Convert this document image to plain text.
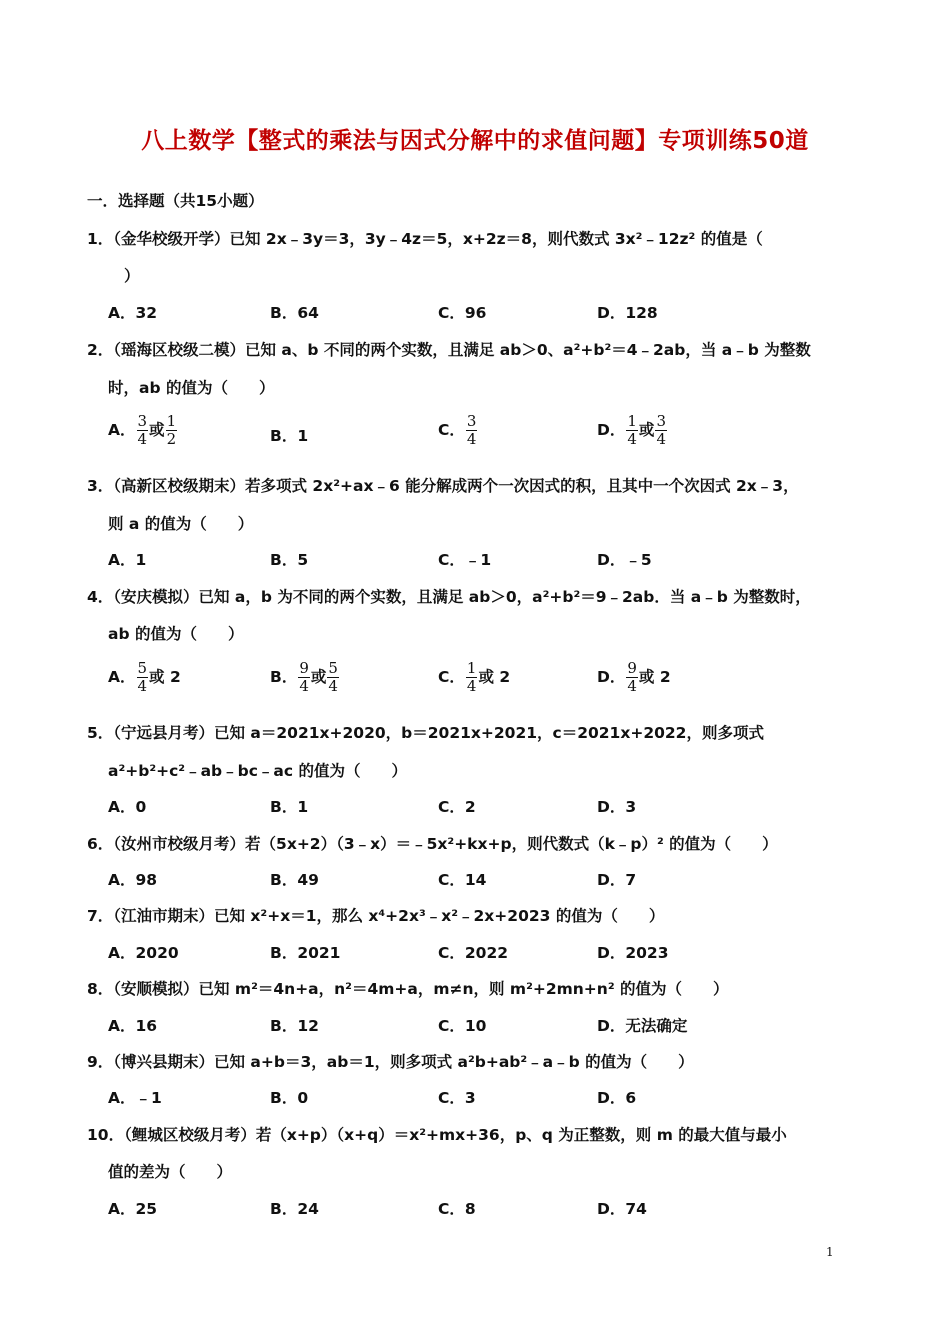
八上数学【整式的乘法与因式分解中的求值问题】专项训练50道
一．选择题（共15小题）
1．（金华校级开学）已知 2x﹣3y＝3，3y﹣4z＝5，x+2z＝8，则代数式 3x²﹣12z² 的值是（
）
A．32	B．64	C．96	D．128
2．（瑶海区校级二模）已知 a、b 不同的两个实数，且满足 ab＞0、a²+b²＝4﹣2ab，当 a﹣b 为整数
时，ab 的值为（　　）
A． $\frac{3}{4}$ 或 $\frac{1}{2}$	B．1	C． $\frac{3}{4}$	D． $\frac{1}{4}$ 或 $\frac{3}{4}$
3．（高新区校级期末）若多项式 2x²+ax﹣6 能分解成两个一次因式的积，且其中一个次因式 2x﹣3，
则 a 的值为（　　）
A．1	B．5	C．﹣1	D．﹣5
4．（安庆模拟）已知 a，b 为不同的两个实数，且满足 ab＞0，a²+b²＝9﹣2ab．当 a﹣b 为整数时，
ab 的值为（　　）
A． $\frac{5}{4}$ 或 2	B． $\frac{9}{4}$ 或 $\frac{5}{4}$	C． $\frac{1}{4}$ 或 2	D． $\frac{9}{4}$ 或 2
5．（宁远县月考）已知 a＝2021x+2020，b＝2021x+2021，c＝2021x+2022，则多项式
a²+b²+c²﹣ab﹣bc﹣ac 的值为（　　）
A．0	B．1	C．2	D．3
6．（汝州市校级月考）若（5x+2）（3﹣x）＝﹣5x²+kx+p，则代数式（k﹣p）² 的值为（　　）
A．98	B．49	C．14	D．7
7．（江油市期末）已知 x²+x＝1，那么 x⁴+2x³﹣x²﹣2x+2023 的值为（　　）
A．2020	B．2021	C．2022	D．2023
8．（安顺模拟）已知 m²＝4n+a，n²＝4m+a，m≠n，则 m²+2mn+n² 的值为（　　）
A．16	B．12	C．10	D．无法确定
9．（博兴县期末）已知 a+b＝3，ab＝1，则多项式 a²b+ab²﹣a﹣b 的值为（　　）
A．﹣1	B．0	C．3	D．6
10．（鲤城区校级月考）若（x+p）（x+q）＝x²+mx+36，p、q 为正整数，则 m 的最大值与最小
值的差为（　　）
A．25	B．24	C．8	D．74
1
